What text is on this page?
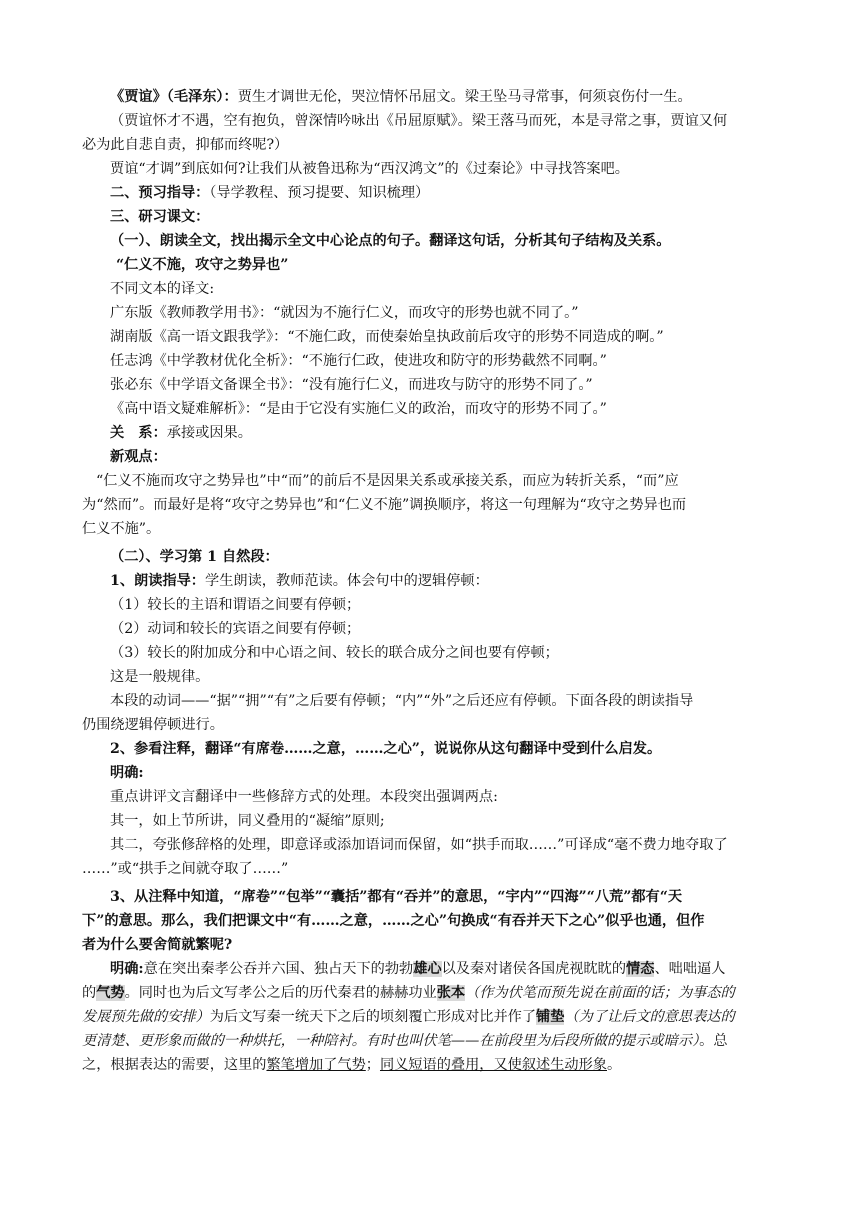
《贾谊》（毛泽东）：贾生才调世无伦，哭泣情怀吊屈文。梁王坠马寻常事，何须哀伤付一生。

（贾谊怀才不遇，空有抱负，曾深情吟咏出《吊屈原赋》。梁王落马而死，本是寻常之事，贾谊又何

必为此自悲自责，抑郁而终呢?）

贾谊“才调”到底如何?让我们从被鲁迅称为“西汉鸿文”的《过秦论》中寻找答案吧。

二、预习指导：（导学教程、预习提要、知识梳理）

三、研习课文：

（一）、朗读全文，找出揭示全文中心论点的句子。翻译这句话，分析其句子结构及关系。

“仁义不施，攻守之势异也”

不同文本的译文:

广东版《教师教学用书》：“就因为不施行仁义，而攻守的形势也就不同了。”

湖南版《高一语文跟我学》：“不施仁政，而使秦始皇执政前后攻守的形势不同造成的啊。”

任志鸿《中学教材优化全析》：“不施行仁政，使进攻和防守的形势截然不同啊。”

张必东《中学语文备课全书》：“没有施行仁义，而进攻与防守的形势不同了。”

《高中语文疑难解析》：“是由于它没有实施仁义的政治，而攻守的形势不同了。”

关　系：承接或因果。

新观点：

“仁义不施而攻守之势异也”中“而”的前后不是因果关系或承接关系，而应为转折关系，“而”应

为“然而”。而最好是将“攻守之势异也”和“仁义不施”调换顺序，将这一句理解为“攻守之势异也而

仁义不施”。

（二）、学习第 1 自然段：

1、朗读指导：学生朗读，教师范读。体会句中的逻辑停顿：

（1）较长的主语和谓语之间要有停顿；

（2）动词和较长的宾语之间要有停顿；

（3）较长的附加成分和中心语之间、较长的联合成分之间也要有停顿；

这是一般规律。

本段的动词——“据”“拥”“有”之后要有停顿；“内”“外”之后还应有停顿。下面各段的朗读指导

仍围绕逻辑停顿进行。

2、参看注释，翻译“有席卷……之意，……之心”，说说你从这句翻译中受到什么启发。

明确:

重点讲评文言翻译中一些修辞方式的处理。本段突出强调两点:

其一，如上节所讲，同义叠用的“凝缩”原则;

其二，夸张修辞格的处理，即意译或添加语词而保留，如“拱手而取……”可译成“毫不费力地夺取了

……”或“拱手之间就夺取了……”

3、从注释中知道，“席卷”“包举”“囊括”都有“吞并”的意思，“宇内”“四海”“八荒”都有“天

下”的意思。那么，我们把课文中“有……之意，……之心”句换成“有吞并天下之心”似乎也通，但作

者为什么要舍简就繁呢?

明确:意在突出秦孝公吞并六国、独占天下的勃勃雄心以及秦对诸侯各国虎视眈眈的情态、咄咄逼人

的气势。同时也为后文写孝公之后的历代秦君的赫赫功业张本（作为伏笔而预先说在前面的话；为事态的

发展预先做的安排）为后文写秦一统天下之后的顷刻覆亡形成对比并作了铺垫（为了让后文的意思表达的

更清楚、更形象而做的一种烘托，一种陪衬。有时也叫伏笔——在前段里为后段所做的提示或暗示）。总

之，根据表达的需要，这里的繁笔增加了气势；同义短语的叠用，又使叙述生动形象。
